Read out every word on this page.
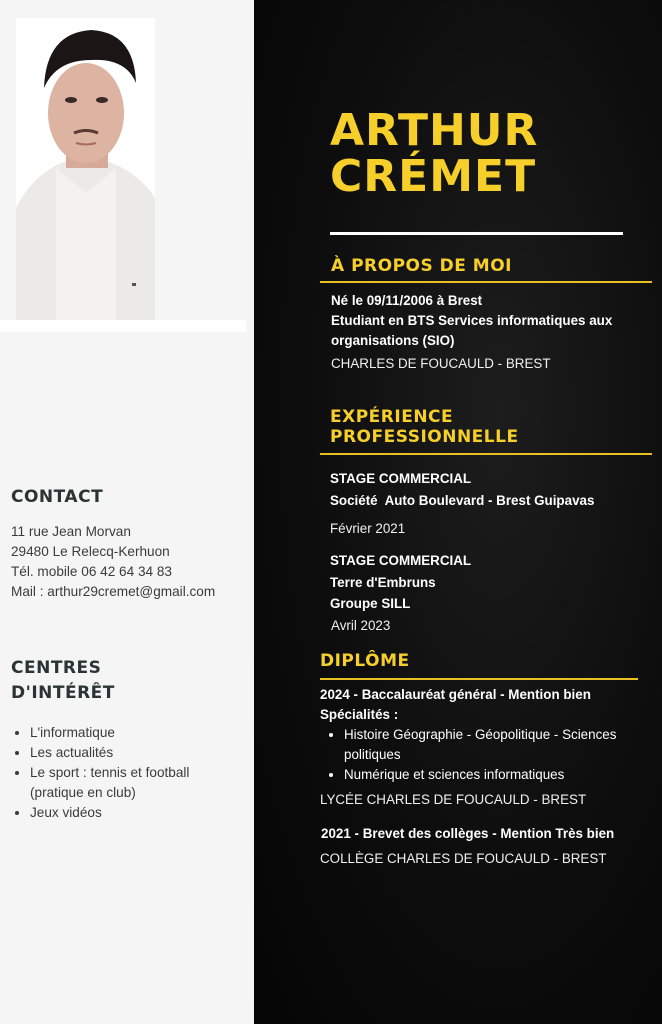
CONTACT
11 rue Jean Morvan
29480 Le Relecq-Kerhuon
Tél. mobile 06 42 64 34 83
Mail : arthur29cremet@gmail.com
CENTRES
D'INTÉRÊT
• L'informatique
• Les actualités
• Le sport : tennis et football (pratique en club)
• Jeux vidéos
ARTHUR
CRÉMET
À PROPOS DE MOI
Né le 09/11/2006 à Brest
Etudiant en BTS Services informatiques aux organisations (SIO)
CHARLES DE FOUCAULD - BREST
EXPÉRIENCE
PROFESSIONNELLE
STAGE COMMERCIAL
Société  Auto Boulevard - Brest Guipavas
Février 2021
STAGE COMMERCIAL
Terre d'Embruns
Groupe SILL
Avril 2023
DIPLÔME
2024 - Baccalauréat général - Mention bien
Spécialités :
• Histoire Géographie - Géopolitique - Sciences politiques
• Numérique et sciences informatiques
LYCÉE CHARLES DE FOUCAULD - BREST
2021 - Brevet des collèges - Mention Très bien
COLLÈGE CHARLES DE FOUCAULD - BREST
